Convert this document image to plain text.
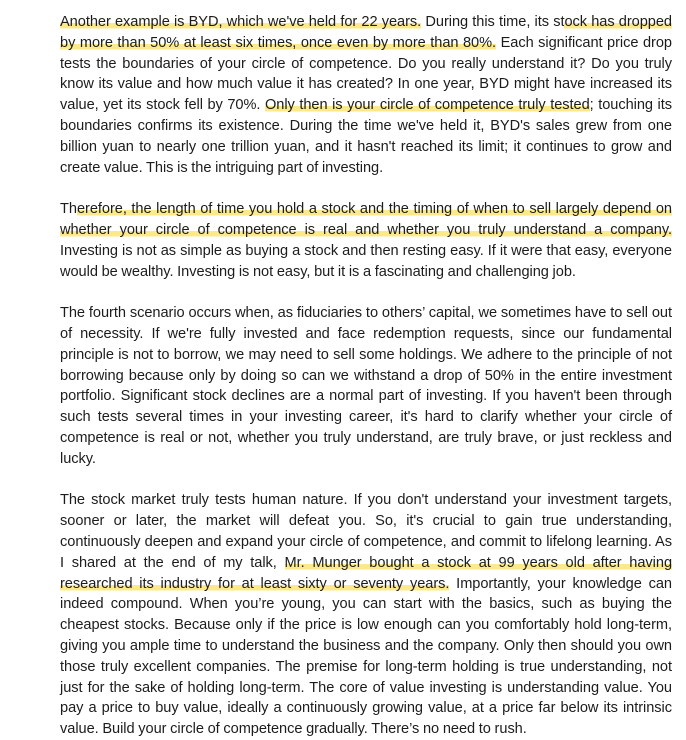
Another example is BYD, which we've held for 22 years. During this time, its stock has dropped by more than 50% at least six times, once even by more than 80%. Each significant price drop tests the boundaries of your circle of competence. Do you really understand it? Do you truly know its value and how much value it has created? In one year, BYD might have increased its value, yet its stock fell by 70%. Only then is your circle of competence truly tested; touching its boundaries confirms its existence. During the time we've held it, BYD's sales grew from one billion yuan to nearly one trillion yuan, and it hasn't reached its limit; it continues to grow and create value. This is the intriguing part of investing.

Therefore, the length of time you hold a stock and the timing of when to sell largely depend on whether your circle of competence is real and whether you truly understand a company. Investing is not as simple as buying a stock and then resting easy. If it were that easy, everyone would be wealthy. Investing is not easy, but it is a fascinating and challenging job.

The fourth scenario occurs when, as fiduciaries to others’ capital, we sometimes have to sell out of necessity. If we're fully invested and face redemption requests, since our fundamental principle is not to borrow, we may need to sell some holdings. We adhere to the principle of not borrowing because only by doing so can we withstand a drop of 50% in the entire investment portfolio. Significant stock declines are a normal part of investing. If you haven't been through such tests several times in your investing career, it's hard to clarify whether your circle of competence is real or not, whether you truly understand, are truly brave, or just reckless and lucky.

The stock market truly tests human nature. If you don't understand your investment targets, sooner or later, the market will defeat you. So, it's crucial to gain true understanding, continuously deepen and expand your circle of competence, and commit to lifelong learning. As I shared at the end of my talk, Mr. Munger bought a stock at 99 years old after having researched its industry for at least sixty or seventy years. Importantly, your knowledge can indeed compound. When you’re young, you can start with the basics, such as buying the cheapest stocks. Because only if the price is low enough can you comfortably hold long-term, giving you ample time to understand the business and the company. Only then should you own those truly excellent companies. The premise for long-term holding is true understanding, not just for the sake of holding long-term. The core of value investing is understanding value. You pay a price to buy value, ideally a continuously growing value, at a price far below its intrinsic value. Build your circle of competence gradually. There’s no need to rush.
